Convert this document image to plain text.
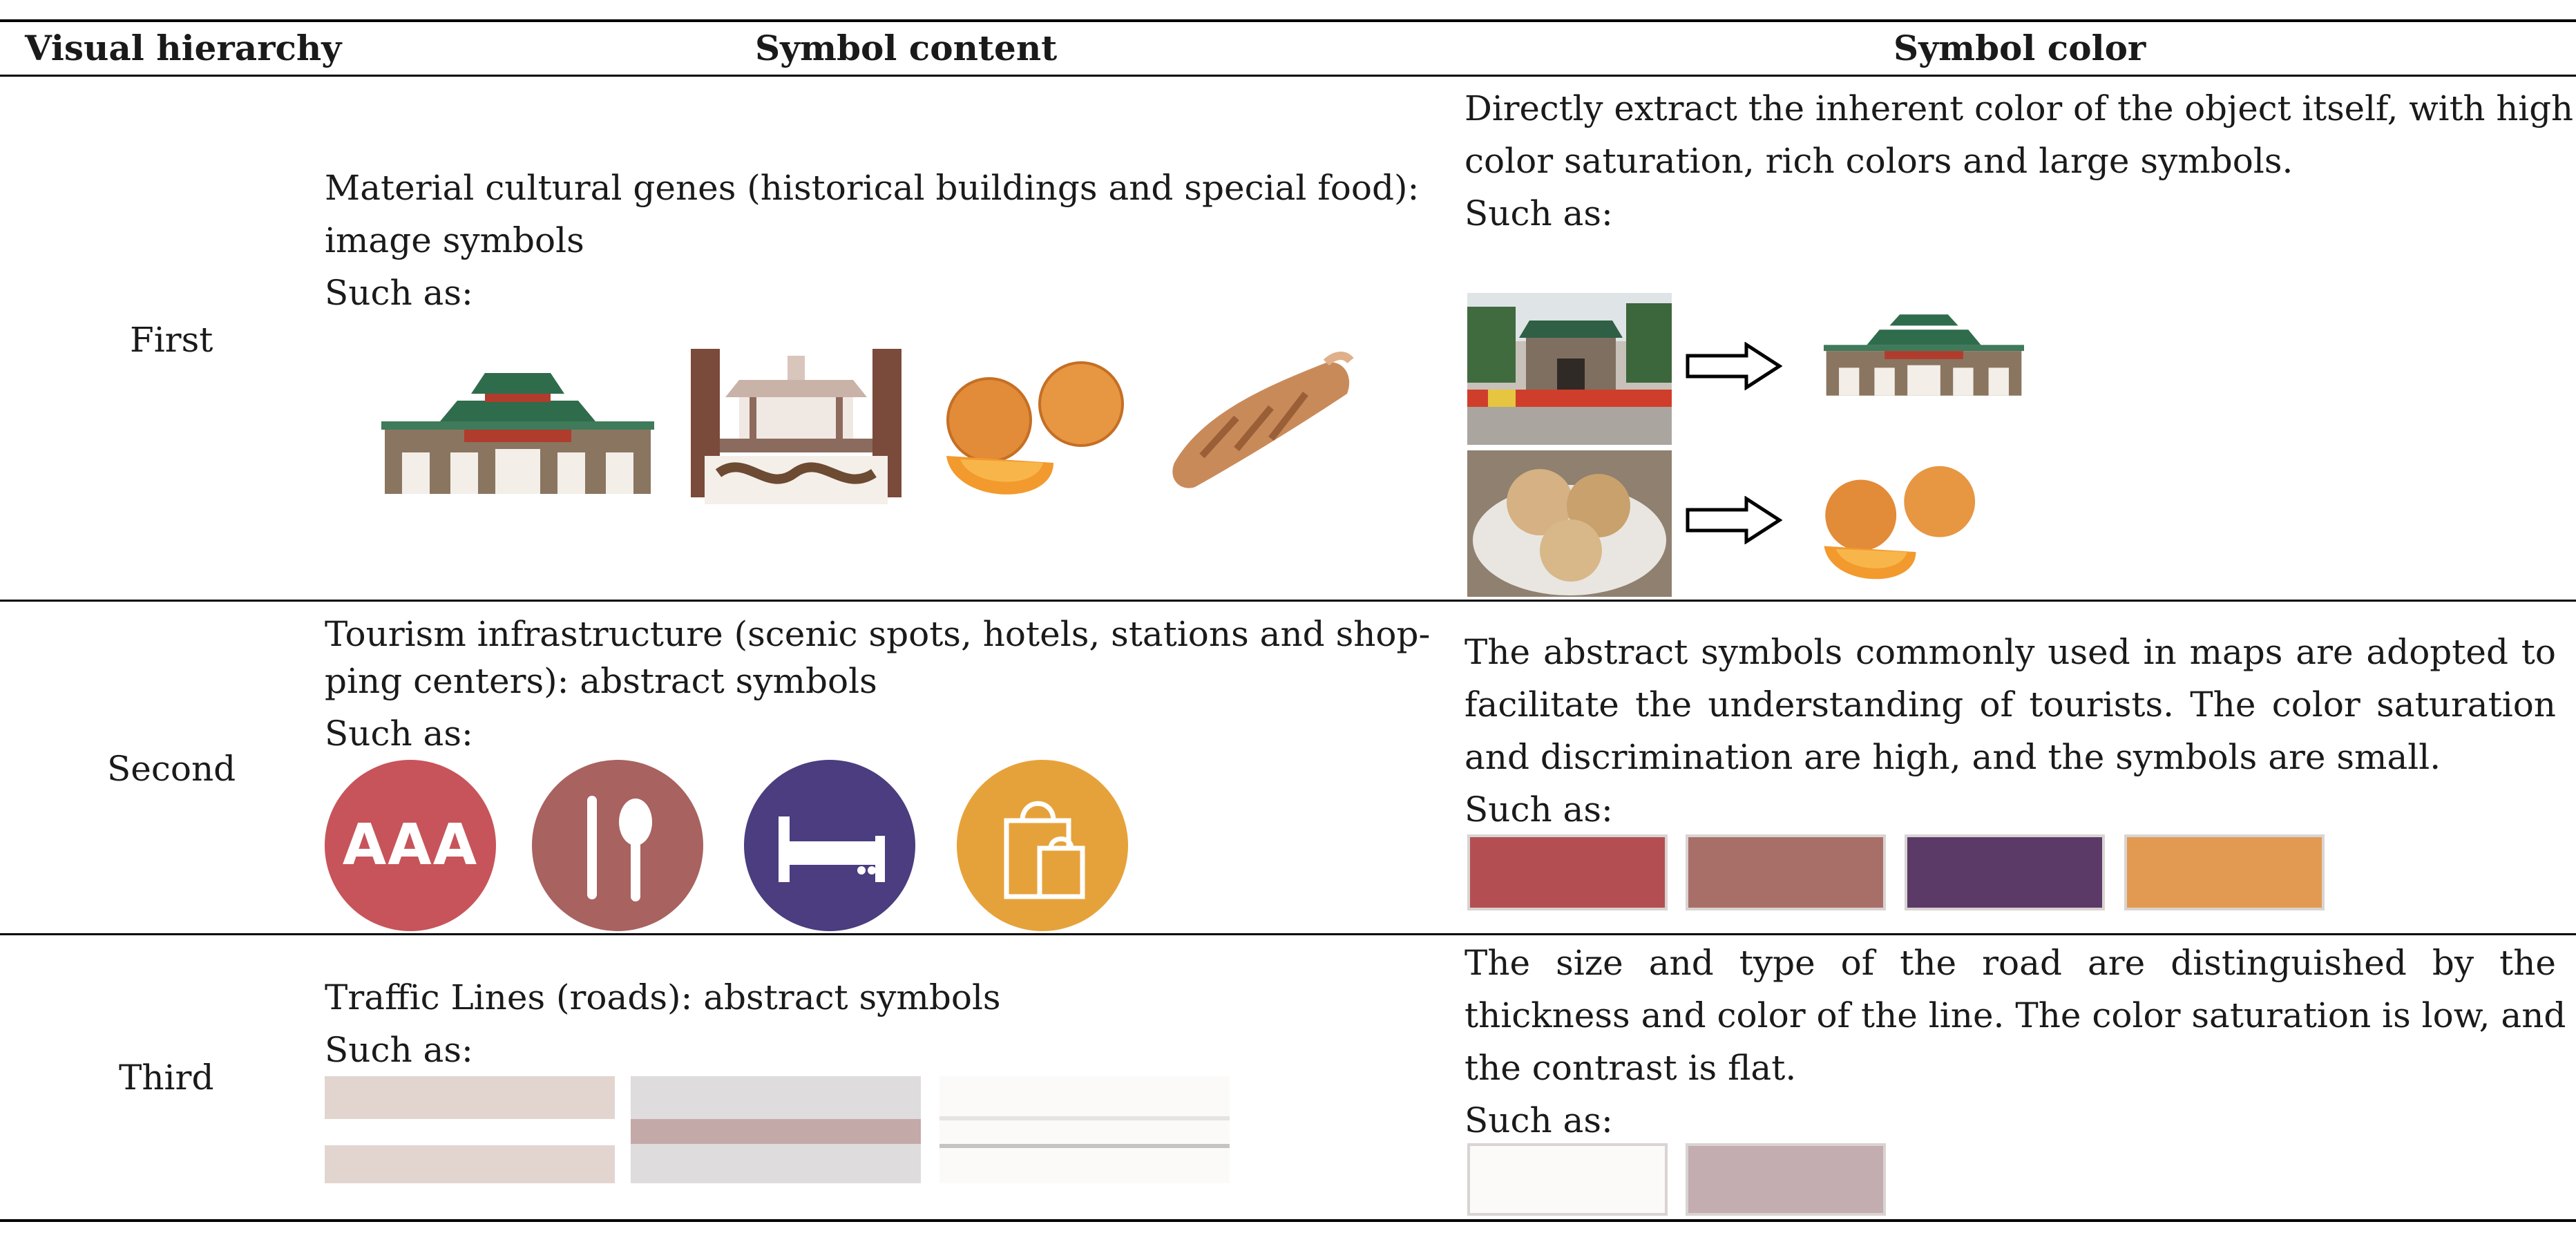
Visual hierarchy	Symbol content	Symbol color
First
Material cultural genes (historical buildings and special food):
image symbols
Such as:
Directly extract the inherent color of the object itself, with high
color saturation, rich colors and large symbols.
Such as:
Second
Tourism infrastructure (scenic spots, hotels, stations and shop-
ping centers): abstract symbols
Such as:
AAA
The abstract symbols commonly used in maps are adopted to
facilitate the understanding of tourists. The color saturation
and discrimination are high, and the symbols are small.
Such as:
Third
Traffic Lines (roads): abstract symbols
Such as:
The size and type of the road are distinguished by the
thickness and color of the line. The color saturation is low, and
the contrast is flat.
Such as:
